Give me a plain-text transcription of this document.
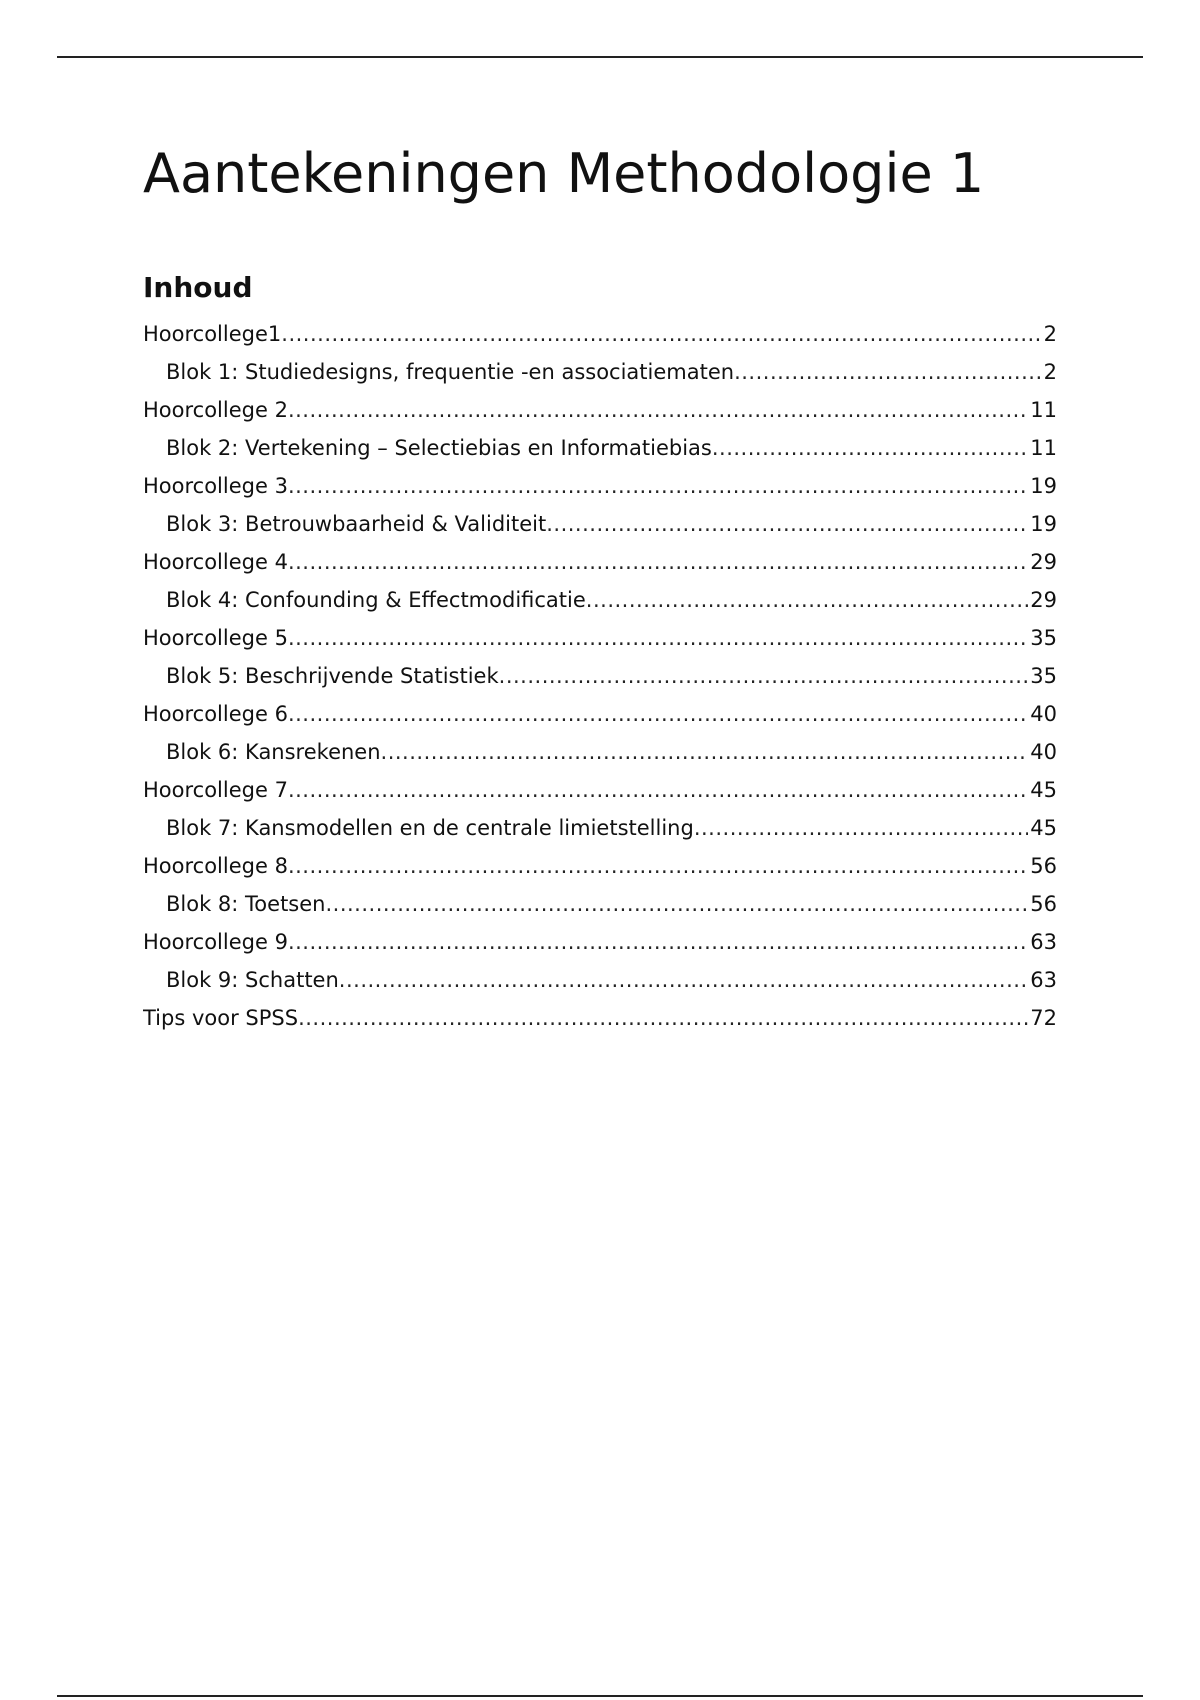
Aantekeningen Methodologie 1
Inhoud
Hoorcollege1 .....	2
Blok 1: Studiedesigns, frequentie -en associatiematen .....	2
Hoorcollege 2 .....	11
Blok 2: Vertekening – Selectiebias en Informatiebias .....	11
Hoorcollege 3 .....	19
Blok 3: Betrouwbaarheid & Validiteit .....	19
Hoorcollege 4 .....	29
Blok 4: Confounding & Effectmodificatie .....	29
Hoorcollege 5 .....	35
Blok 5: Beschrijvende Statistiek .....	35
Hoorcollege 6 .....	40
Blok 6: Kansrekenen .....	40
Hoorcollege 7 .....	45
Blok 7: Kansmodellen en de centrale limietstelling .....	45
Hoorcollege 8 .....	56
Blok 8: Toetsen .....	56
Hoorcollege 9 .....	63
Blok 9: Schatten .....	63
Tips voor SPSS .....	72
